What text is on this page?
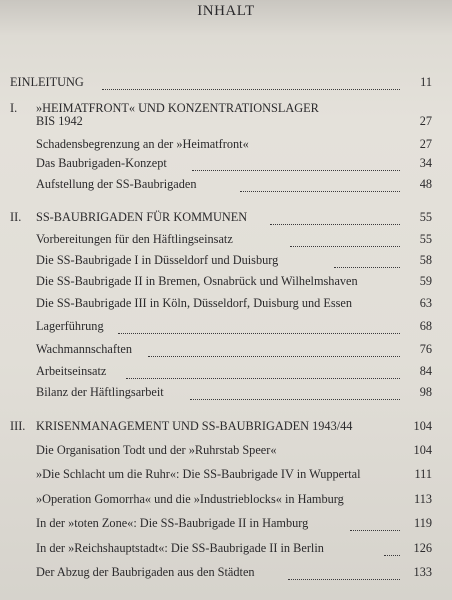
INHALT
EINLEITUNG	11
I. »HEIMATFRONT« UND KONZENTRATIONSLAGER
BIS 1942	27
Schadensbegrenzung an der »Heimatfront«	27
Das Baubrigaden-Konzept	34
Aufstellung der SS-Baubrigaden	48
II. SS-BAUBRIGADEN FÜR KOMMUNEN	55
Vorbereitungen für den Häftlingseinsatz	55
Die SS-Baubrigade I in Düsseldorf und Duisburg	58
Die SS-Baubrigade II in Bremen, Osnabrück und Wilhelmshaven	59
Die SS-Baubrigade III in Köln, Düsseldorf, Duisburg und Essen	63
Lagerführung	68
Wachmannschaften	76
Arbeitseinsatz	84
Bilanz der Häftlingsarbeit	98
III. KRISENMANAGEMENT UND SS-BAUBRIGADEN 1943/44	104
Die Organisation Todt und der »Ruhrstab Speer«	104
»Die Schlacht um die Ruhr«: Die SS-Baubrigade IV in Wuppertal	111
»Operation Gomorrha« und die »Industrieblocks« in Hamburg	113
In der »toten Zone«: Die SS-Baubrigade II in Hamburg	119
In der »Reichshauptstadt«: Die SS-Baubrigade II in Berlin	126
Der Abzug der Baubrigaden aus den Städten	133
